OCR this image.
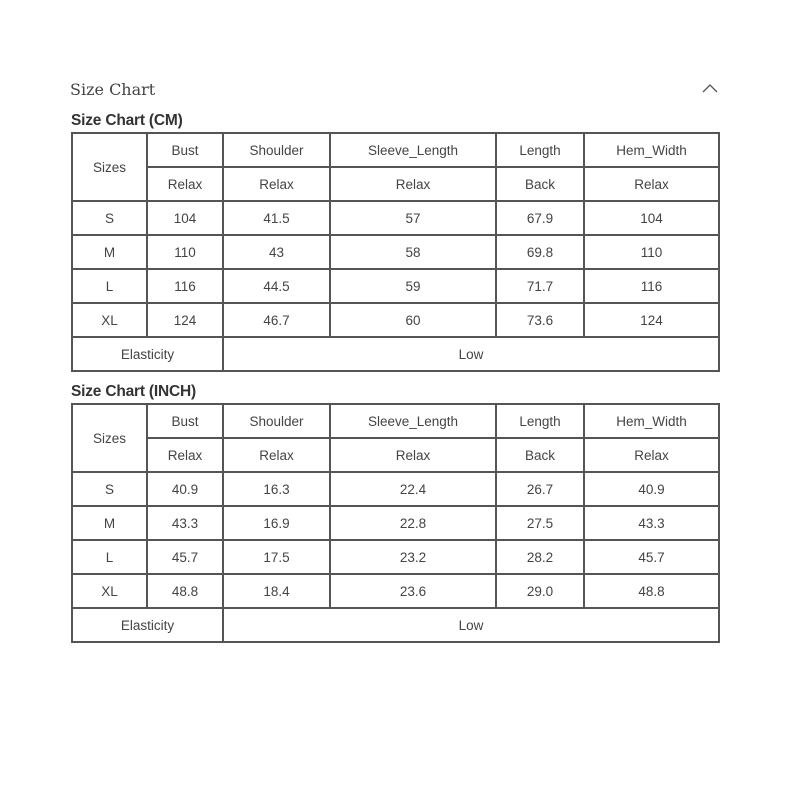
Size Chart
Size Chart (CM)
Sizes	Bust	Shoulder	Sleeve_Length	Length	Hem_Width
	Relax	Relax	Relax	Back	Relax
S	104	41.5	57	67.9	104
M	110	43	58	69.8	110
L	116	44.5	59	71.7	116
XL	124	46.7	60	73.6	124
Elasticity		Low			
Size Chart (INCH)
Sizes	Bust	Shoulder	Sleeve_Length	Length	Hem_Width
	Relax	Relax	Relax	Back	Relax
S	40.9	16.3	22.4	26.7	40.9
M	43.3	16.9	22.8	27.5	43.3
L	45.7	17.5	23.2	28.2	45.7
XL	48.8	18.4	23.6	29.0	48.8
Elasticity		Low			
